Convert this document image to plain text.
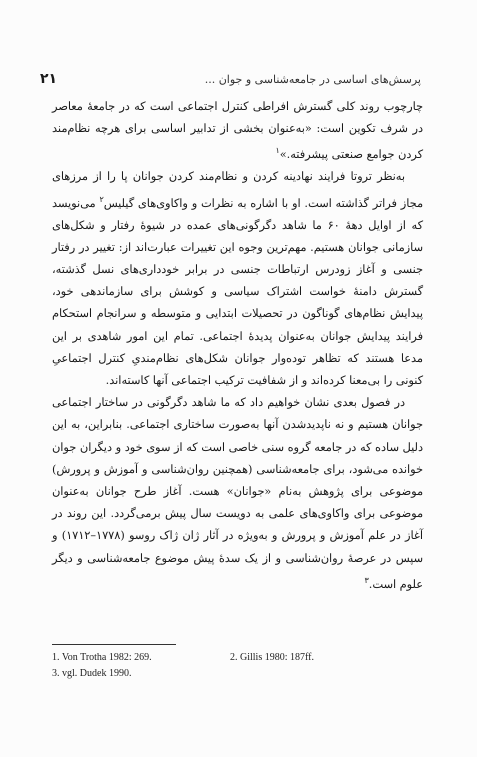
۲۱	پرسش‌های اساسی در جامعه‌شناسی و جوان ...

چارچوب روند کلی گسترش افراطی کنترل اجتماعی است که در جامعهٔ معاصر در شرف تکوین است: «به‌عنوان بخشی از تدابیر اساسی برای هرچه نظام‌مند کردن جوامع صنعتی پیشرفته.»$^۱$

به‌نظر تروتا فرایند نهادینه کردن و نظام‌مند کردن جوانان پا را از مرزهای مجاز فراتر گذاشته است. او با اشاره به نظرات و واکاوی‌های گیلیس$^۲$ می‌نویسد که از اوایل دههٔ ۶۰ ما شاهد دگرگونی‌های عمده در شیوهٔ رفتار و شکل‌های سازمانی جوانان هستیم. مهم‌ترین وجوه این تغییرات عبارت‌اند از: تغییر در رفتار جنسی و آغاز زودرس ارتباطات جنسی در برابر خودداری‌های نسل گذشته، گسترش دامنهٔ خواست اشتراک سیاسی و کوشش برای سازماندهی خود، پیدایش نظام‌های گوناگون در تحصیلات ابتدایی و متوسطه و سرانجام استحکام فرایند پیدایش جوانان به‌عنوان پدیدهٔ اجتماعی. تمام این امور شاهدی بر این مدعا هستند که تظاهر توده‌وار جوانان شکل‌های نظام‌مندیِ کنترل اجتماعیِ کنونی را بی‌معنا کرده‌اند و از شفافیت ترکیب اجتماعی آنها کاسته‌اند.

در فصول بعدی نشان خواهیم داد که ما شاهد دگرگونی در ساختار اجتماعی جوانان هستیم و نه ناپدیدشدن آنها به‌صورت ساختاری اجتماعی. بنابراین، به این دلیل ساده که در جامعه گروه سنی خاصی است که از سوی خود و دیگران جوان خوانده می‌شود، برای جامعه‌شناسی (همچنین روان‌شناسی و آموزش و پرورش) موضوعی برای پژوهش به‌نام «جوانان» هست. آغاز طرح جوانان به‌عنوان موضوعی برای واکاوی‌های علمی به دویست سال پیش برمی‌گردد. این روند در آغاز در علم آموزش و پرورش و به‌ویژه در آثار ژان ژاک روسو (۱۷۷۸–۱۷۱۲) و سپس در عرصهٔ روان‌شناسی و از یک سدهٔ پیش موضوع جامعه‌شناسی و دیگر علوم است.$^۳$

1. Von Trotha 1982: 269.	2. Gillis 1980: 187ff.
3. vgl. Dudek 1990.
